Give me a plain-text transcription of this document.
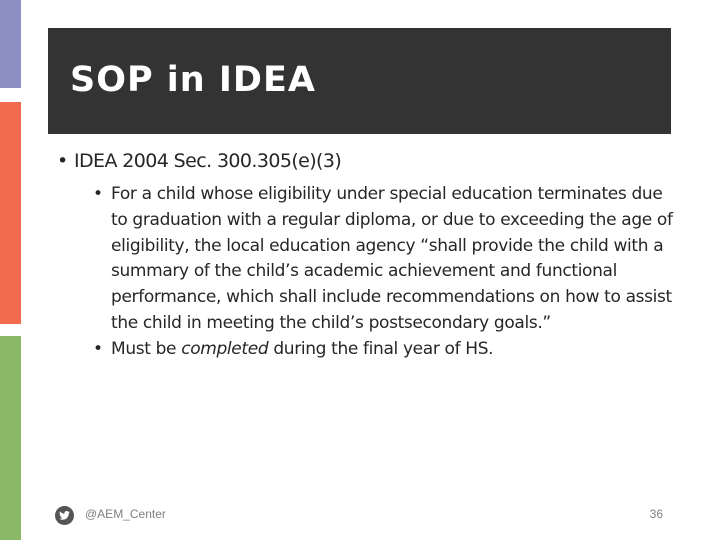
SOP in IDEA
• IDEA 2004 Sec. 300.305(e)(3)
• For a child whose eligibility under special education terminates due to graduation with a regular diploma, or due to exceeding the age of eligibility, the local education agency “shall provide the child with a summary of the child’s academic achievement and functional performance, which shall include recommendations on how to assist the child in meeting the child’s postsecondary goals.”
• Must be completed during the final year of HS.
@AEM_Center	36
